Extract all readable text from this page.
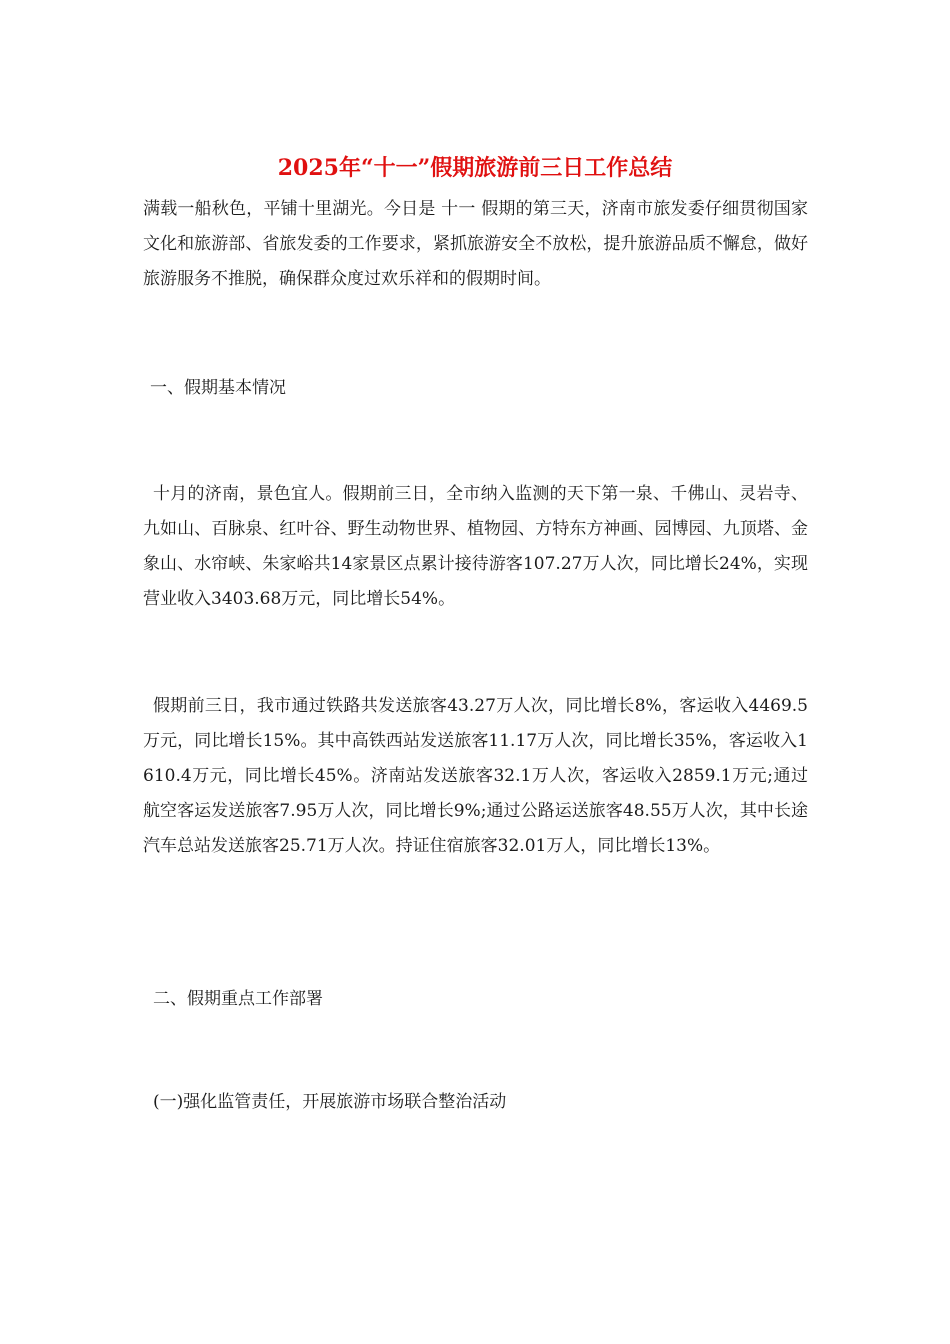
2025年“十一”假期旅游前三日工作总结
满载一船秋色，平铺十里湖光。今日是 十一 假期的第三天，济南市旅发委仔细贯彻国家文化和旅游部、省旅发委的工作要求，紧抓旅游安全不放松，提升旅游品质不懈怠，做好旅游服务不推脱，确保群众度过欢乐祥和的假期时间。
一、假期基本情况
十月的济南，景色宜人。假期前三日，全市纳入监测的天下第一泉、千佛山、灵岩寺、九如山、百脉泉、红叶谷、野生动物世界、植物园、方特东方神画、园博园、九顶塔、金象山、水帘峡、朱家峪共14家景区点累计接待游客107.27万人次，同比增长24%，实现营业收入3403.68万元，同比增长54%。
假期前三日，我市通过铁路共发送旅客43.27万人次，同比增长8%，客运收入4469.5万元，同比增长15%。其中高铁西站发送旅客11.17万人次，同比增长35%，客运收入1610.4万元，同比增长45%。济南站发送旅客32.1万人次，客运收入2859.1万元;通过航空客运发送旅客7.95万人次，同比增长9%;通过公路运送旅客48.55万人次，其中长途汽车总站发送旅客25.71万人次。持证住宿旅客32.01万人，同比增长13%。
二、假期重点工作部署
(一)强化监管责任，开展旅游市场联合整治活动
